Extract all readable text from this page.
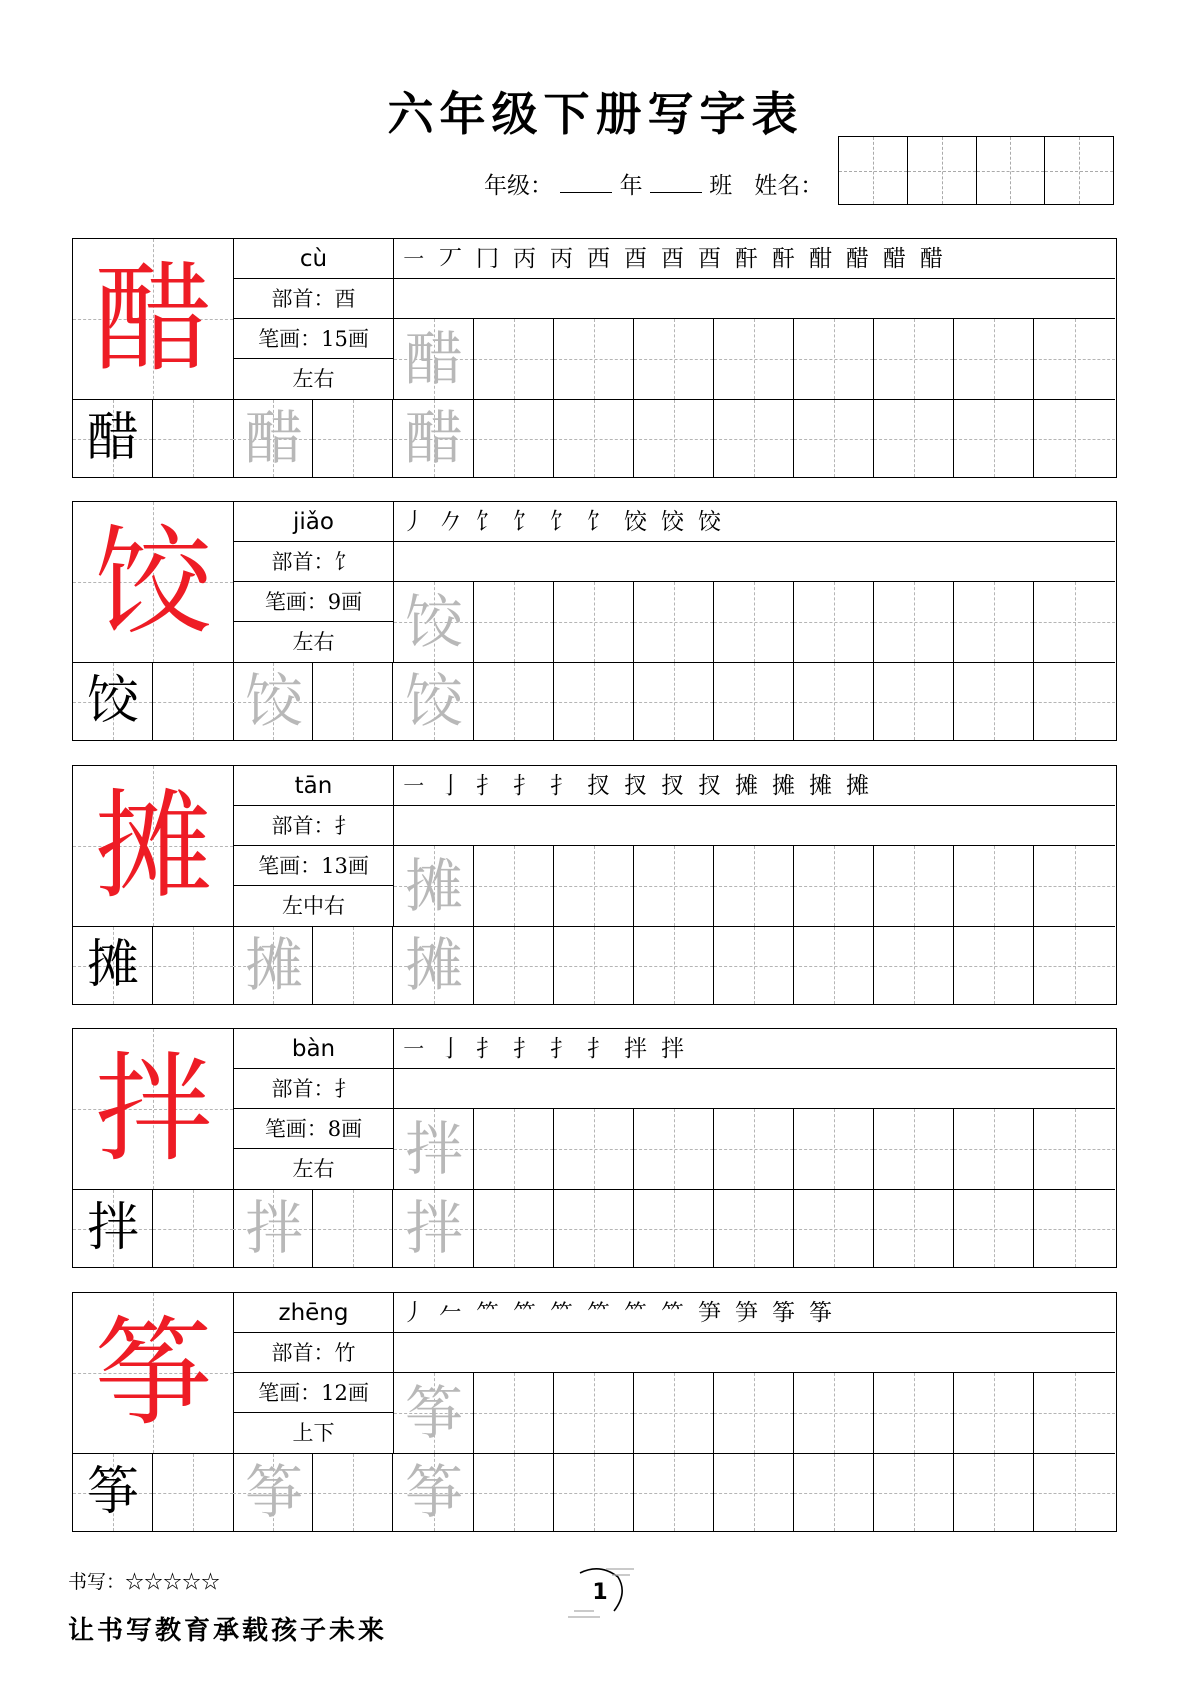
六年级下册写字表
年级：	年	班 姓名：
醋	cù
部首：酉
笔画：15画
左右
㇐ 丆 冂 丙 丙 西 酉 酉 酉 酐 酐 酣 醋 醋 醋
醋
醋
醋 醋
饺	jiǎo
部首：饣
笔画：9画
左右
丿 𠂊 饣 饣 饣 饣 饺 饺 饺
饺
饺
饺 饺
摊	tān
部首：扌
笔画：13画
左中右
㇐ 亅 扌 扌 扌 扠 扠 扠 扠 摊 摊 摊 摊
摊
摊
摊 摊
拌	bàn
部首：扌
笔画：8画
左右
㇐ 亅 扌 扌 扌 扌 拌 拌
拌
拌
拌 拌
筝	zhēng
部首：竹
笔画：12画
上下
丿 𠂉 ⺮ ⺮ ⺮ ⺮ ⺮ ⺮ 笋 笋 筝 筝
筝
筝
筝 筝
书写：☆☆☆☆☆
让书写教育承载孩子未来
1
